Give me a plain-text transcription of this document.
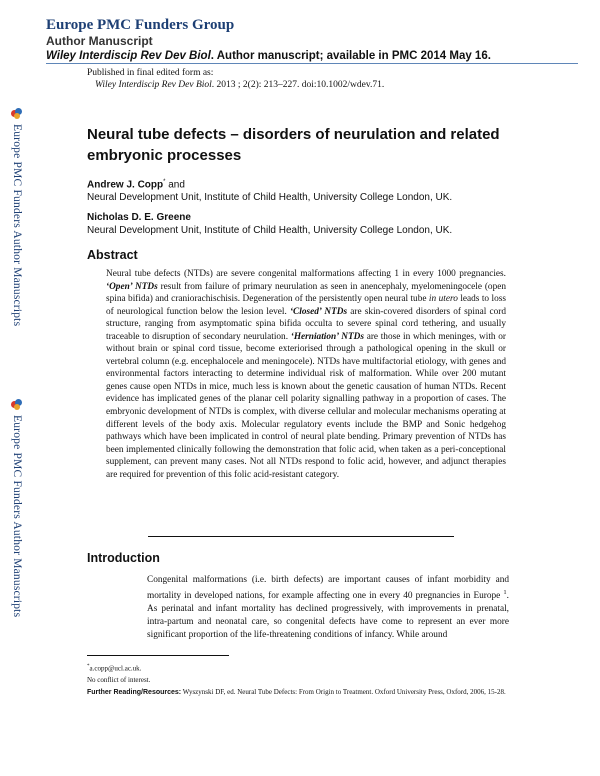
Europe PMC Funders Group
Author Manuscript
Wiley Interdiscip Rev Dev Biol. Author manuscript; available in PMC 2014 May 16.
Published in final edited form as:
Wiley Interdiscip Rev Dev Biol. 2013 ; 2(2): 213–227. doi:10.1002/wdev.71.
Europe PMC Funders Author Manuscripts
Europe PMC Funders Author Manuscripts
Neural tube defects – disorders of neurulation and related embryonic processes
Andrew J. Copp* and
Neural Development Unit, Institute of Child Health, University College London, UK.
Nicholas D. E. Greene
Neural Development Unit, Institute of Child Health, University College London, UK.
Abstract
Neural tube defects (NTDs) are severe congenital malformations affecting 1 in every 1000 pregnancies. ‘Open’ NTDs result from failure of primary neurulation as seen in anencephaly, myelomeningocele (open spina bifida) and craniorachischisis. Degeneration of the persistently open neural tube in utero leads to loss of neurological function below the lesion level. ‘Closed’ NTDs are skin-covered disorders of spinal cord structure, ranging from asymptomatic spina bifida occulta to severe spinal cord tethering, and usually traceable to disruption of secondary neurulation. ‘Herniation’ NTDs are those in which meninges, with or without brain or spinal cord tissue, become exteriorised through a pathological opening in the skull or vertebral column (e.g. encephalocele and meningocele). NTDs have multifactorial etiology, with genes and environmental factors interacting to determine individual risk of malformation. While over 200 mutant genes cause open NTDs in mice, much less is known about the genetic causation of human NTDs. Recent evidence has implicated genes of the planar cell polarity signalling pathway in a proportion of cases. The embryonic development of NTDs is complex, with diverse cellular and molecular mechanisms operating at different levels of the body axis. Molecular regulatory events include the BMP and Sonic hedgehog pathways which have been implicated in control of neural plate bending. Primary prevention of NTDs has been implemented clinically following the demonstration that folic acid, when taken as a peri-conceptional supplement, can prevent many cases. Not all NTDs respond to folic acid, however, and adjunct therapies are required for prevention of this folic acid-resistant category.
Introduction
Congenital malformations (i.e. birth defects) are important causes of infant morbidity and mortality in developed nations, for example affecting one in every 40 pregnancies in Europe $^1$. As perinatal and infant mortality has declined progressively, with improvements in prenatal, intra-partum and neonatal care, so congenital defects have come to represent an ever more significant proportion of the life-threatening conditions of infancy. While around
*a.copp@ucl.ac.uk.
No conflict of interest.
Further Reading/Resources: Wyszynski DF, ed. Neural Tube Defects: From Origin to Treatment. Oxford University Press, Oxford, 2006, 15-28.
